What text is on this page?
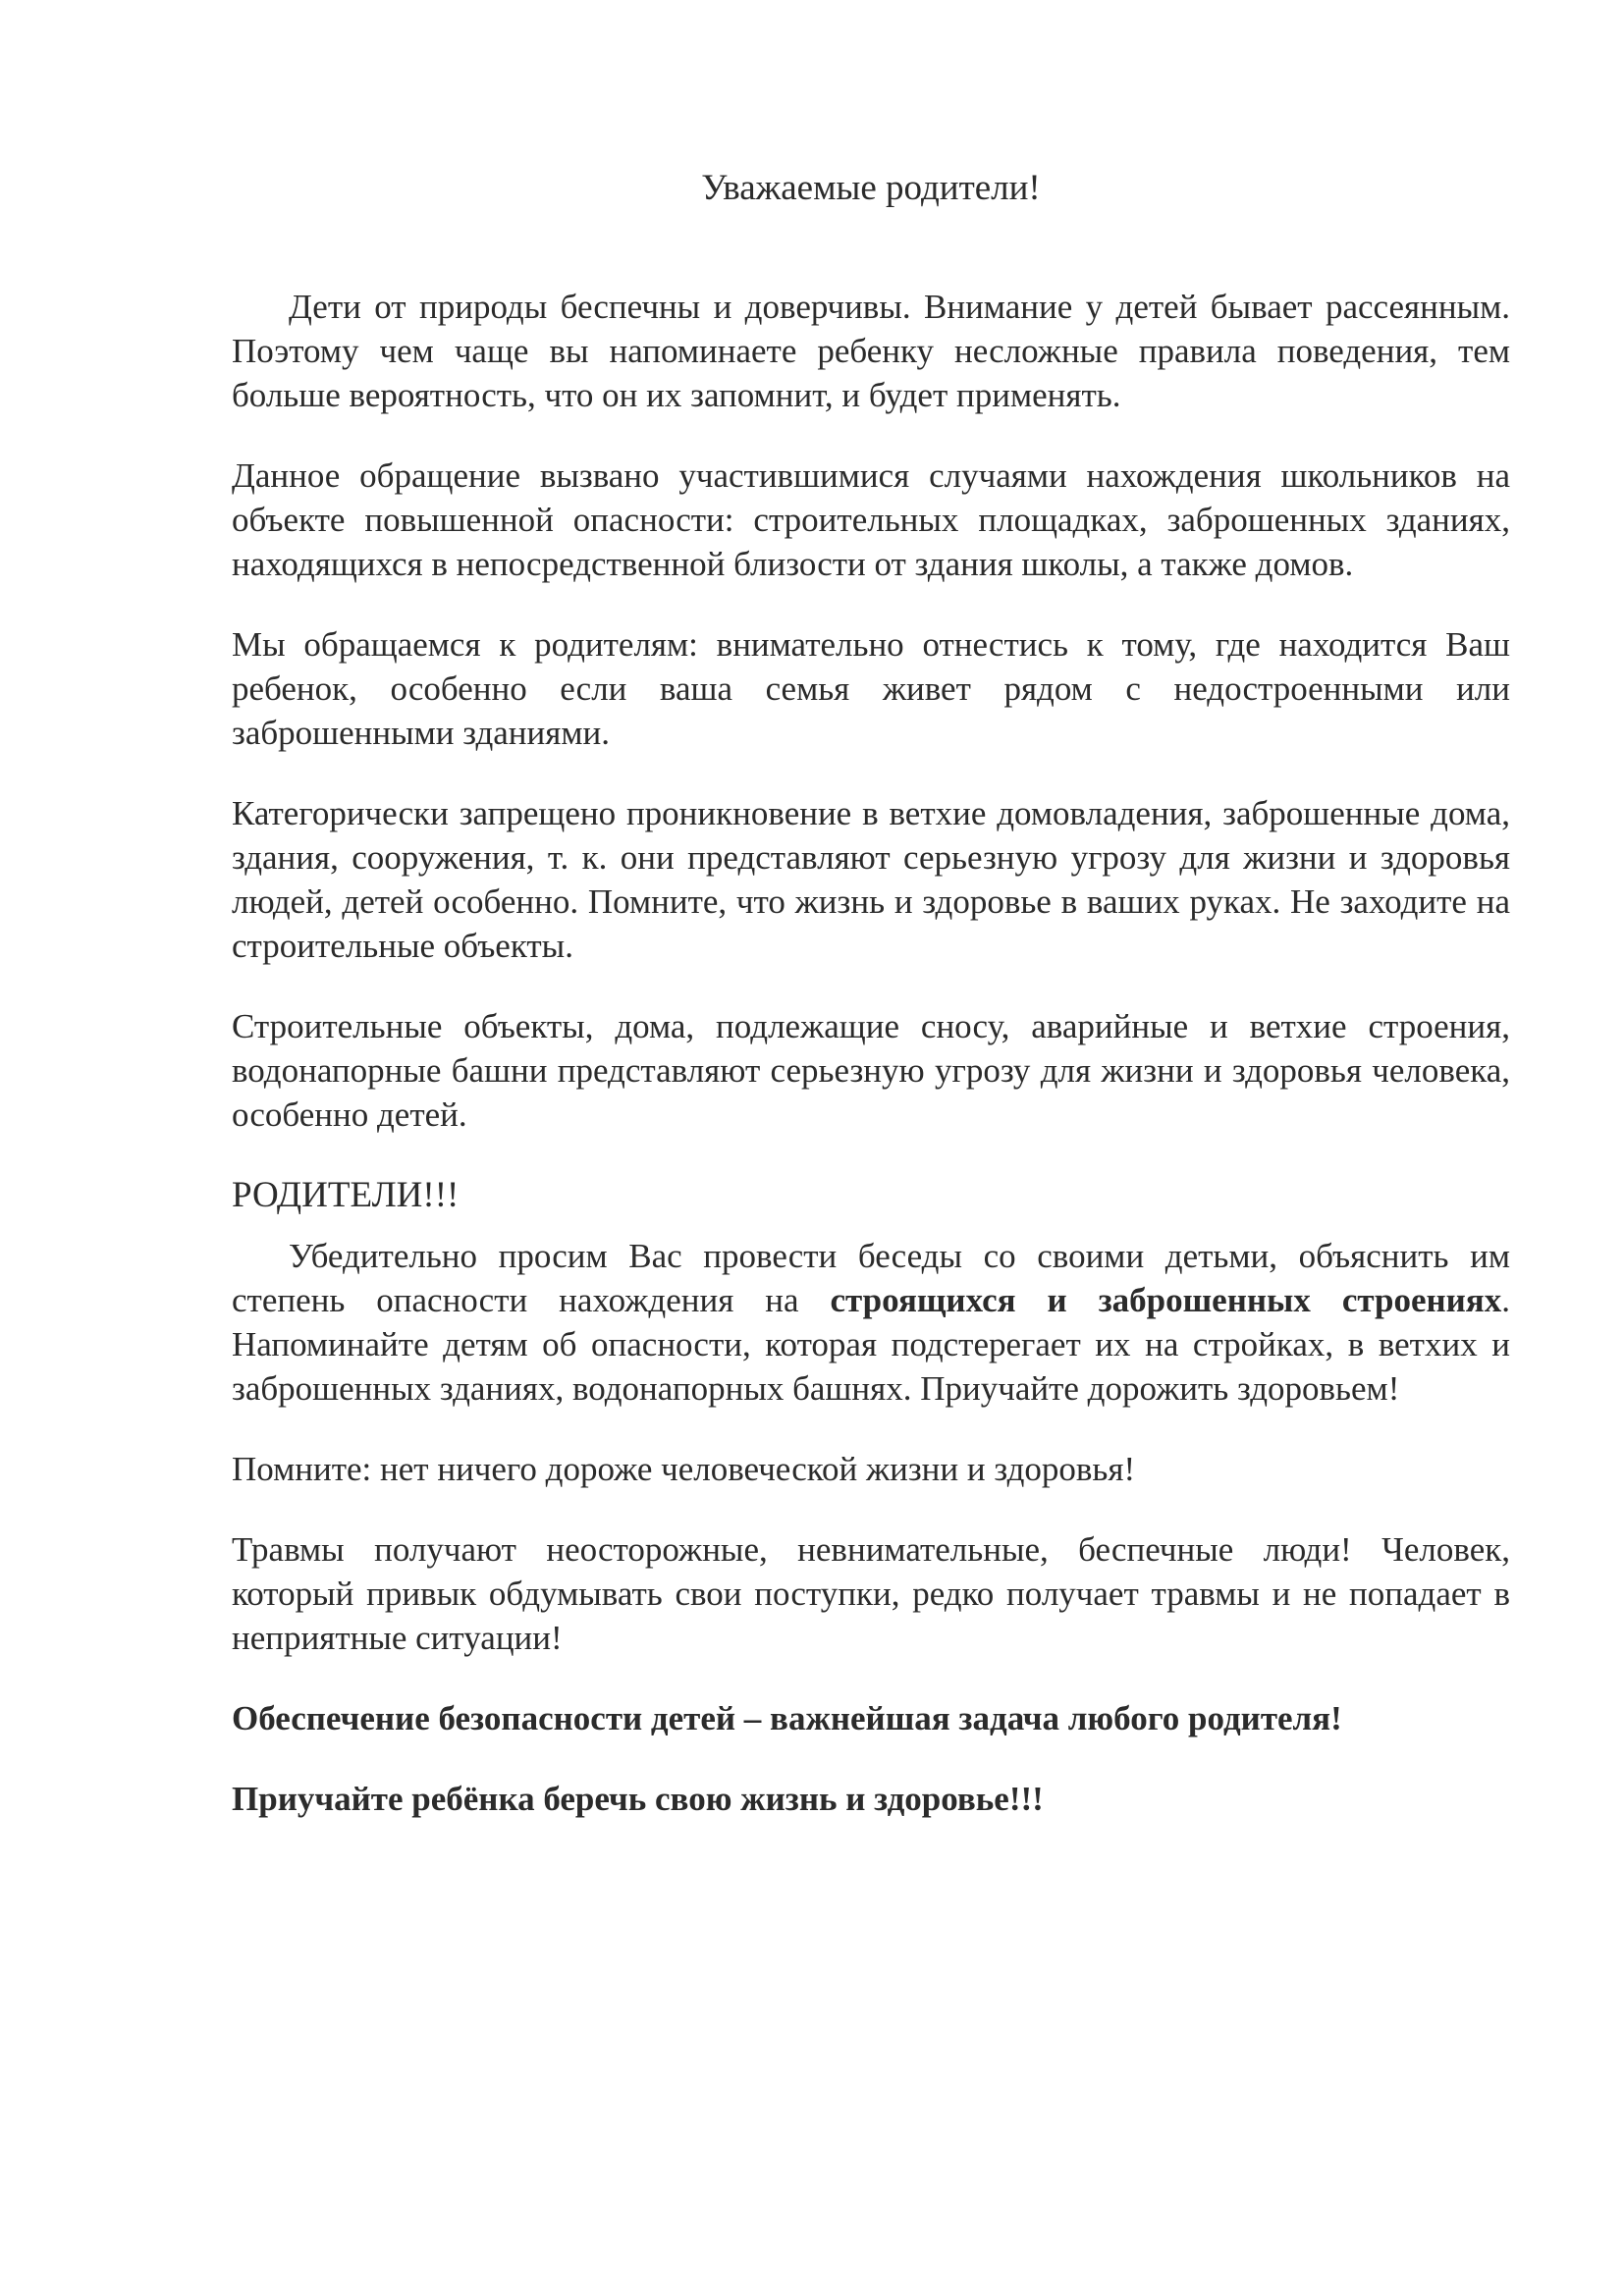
Уважаемые родители!

Дети от природы беспечны и доверчивы. Внимание у детей бывает рассеянным. Поэтому чем чаще вы напоминаете ребенку несложные правила поведения, тем больше вероятность, что он их запомнит, и будет применять.

Данное обращение вызвано участившимися случаями нахождения школьников на объекте повышенной опасности: строительных площадках, заброшенных зданиях, находящихся в непосредственной близости от здания школы, а также домов.

Мы обращаемся к родителям: внимательно отнестись к тому, где находится Ваш ребенок, особенно если ваша семья живет рядом с недостроенными или заброшенными зданиями.

Категорически запрещено проникновение в ветхие домовладения, заброшенные дома, здания, сооружения, т. к. они представляют серьезную угрозу для жизни и здоровья людей, детей особенно. Помните, что жизнь и здоровье в ваших руках. Не заходите на строительные объекты.

Строительные объекты, дома, подлежащие сносу, аварийные и ветхие строения, водонапорные башни представляют серьезную угрозу для жизни и здоровья человека, особенно детей.

РОДИТЕЛИ!!!

Убедительно просим Вас провести беседы со своими детьми, объяснить им степень опасности нахождения на строящихся и заброшенных строениях. Напоминайте детям об опасности, которая подстерегает их на стройках, в ветхих и заброшенных зданиях, водонапорных башнях. Приучайте дорожить здоровьем!

Помните: нет ничего дороже человеческой жизни и здоровья!

Травмы получают неосторожные, невнимательные, беспечные люди! Человек, который привык обдумывать свои поступки, редко получает травмы и не попадает в неприятные ситуации!

Обеспечение безопасности детей – важнейшая задача любого родителя!

Приучайте ребёнка беречь свою жизнь и здоровье!!!
